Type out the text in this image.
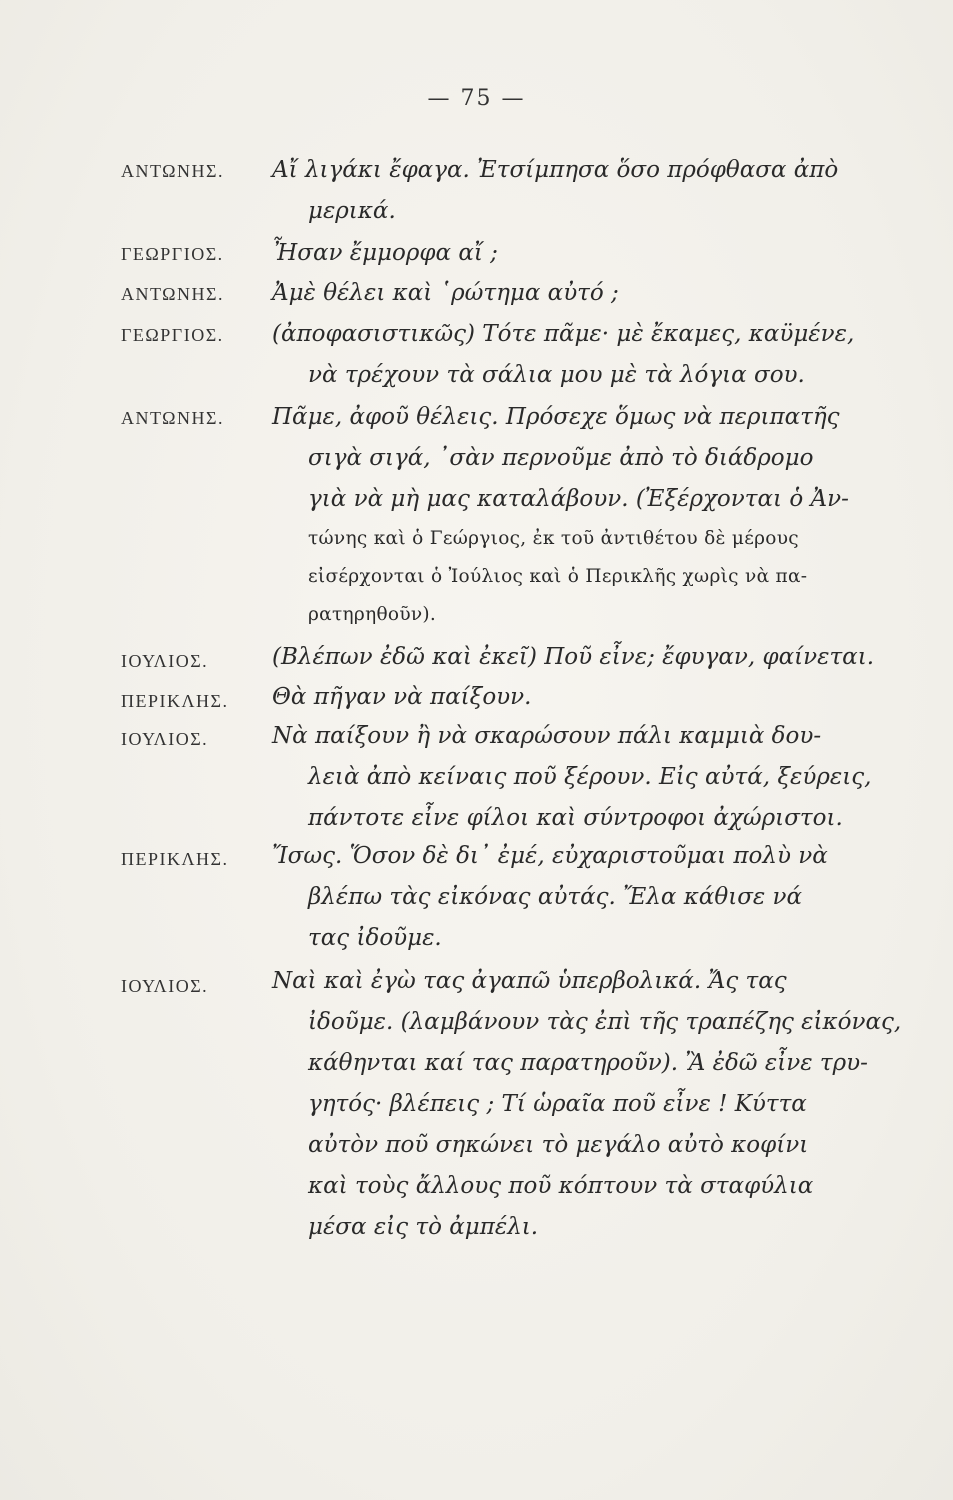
— 75 —
ΑΝΤΩΝΗΣ.	Αἴ λιγάκι ἔφαγα. Ἐτσίμπησα ὅσο πρόφθασα ἀπὸ
μερικά.
ΓΕΩΡΓΙΟΣ.	Ἦσαν ἔμμορφα αἴ ;
ΑΝΤΩΝΗΣ.	Ἀμὲ θέλει καὶ ῾ρώτημα αὐτό ;
ΓΕΩΡΓΙΟΣ.	(ἀποφασιστικῶς) Τότε πᾶμε· μὲ ἔκαμες, καϋμένε,
νὰ τρέχουν τὰ σάλια μου μὲ τὰ λόγια σου.
ΑΝΤΩΝΗΣ.	Πᾶμε, ἀφοῦ θέλεις. Πρόσεχε ὅμως νὰ περιπατῆς
σιγὰ σιγά, ᾽σὰν περνοῦμε ἀπὸ τὸ διάδρομο
γιὰ νὰ μὴ μας καταλάβουν. (Ἐξέρχονται ὁ Ἀν-
τώνης καὶ ὁ Γεώργιος, ἐκ τοῦ ἀντιθέτου δὲ μέρους
εἰσέρχονται ὁ Ἰούλιος καὶ ὁ Περικλῆς χωρὶς νὰ πα-
ρατηρηθοῦν).
ΙΟΥΛΙΟΣ.	(Βλέπων ἐδῶ καὶ ἐκεῖ) Ποῦ εἶνε; ἔφυγαν, φαίνεται.
ΠΕΡΙΚΛΗΣ.	Θὰ πῆγαν νὰ παίξουν.
ΙΟΥΛΙΟΣ.	Νὰ παίξουν ἢ νὰ σκαρώσουν πάλι καμμιὰ δου-
λειὰ ἀπὸ κείναις ποῦ ξέρουν. Εἰς αὐτά, ξεύρεις,
πάντοτε εἶνε φίλοι καὶ σύντροφοι ἀχώριστοι.
ΠΕΡΙΚΛΗΣ.	Ἴσως. Ὅσον δὲ δι᾽ ἐμέ, εὐχαριστοῦμαι πολὺ νὰ
βλέπω τὰς εἰκόνας αὐτάς. Ἔλα κάθισε νά
τας ἰδοῦμε.
ΙΟΥΛΙΟΣ.	Ναὶ καὶ ἐγὼ τας ἀγαπῶ ὑπερβολικά. Ἄς τας
ἰδοῦμε. (λαμβάνουν τὰς ἐπὶ τῆς τραπέζης εἰκόνας,
κάθηνται καί τας παρατηροῦν). Ἂ ἐδῶ εἶνε τρυ-
γητός· βλέπεις ; Τί ὡραῖα ποῦ εἶνε ! Κύττα
αὐτὸν ποῦ σηκώνει τὸ μεγάλο αὐτὸ κοφίνι
καὶ τοὺς ἄλλους ποῦ κόπτουν τὰ σταφύλια
μέσα εἰς τὸ ἀμπέλι.
